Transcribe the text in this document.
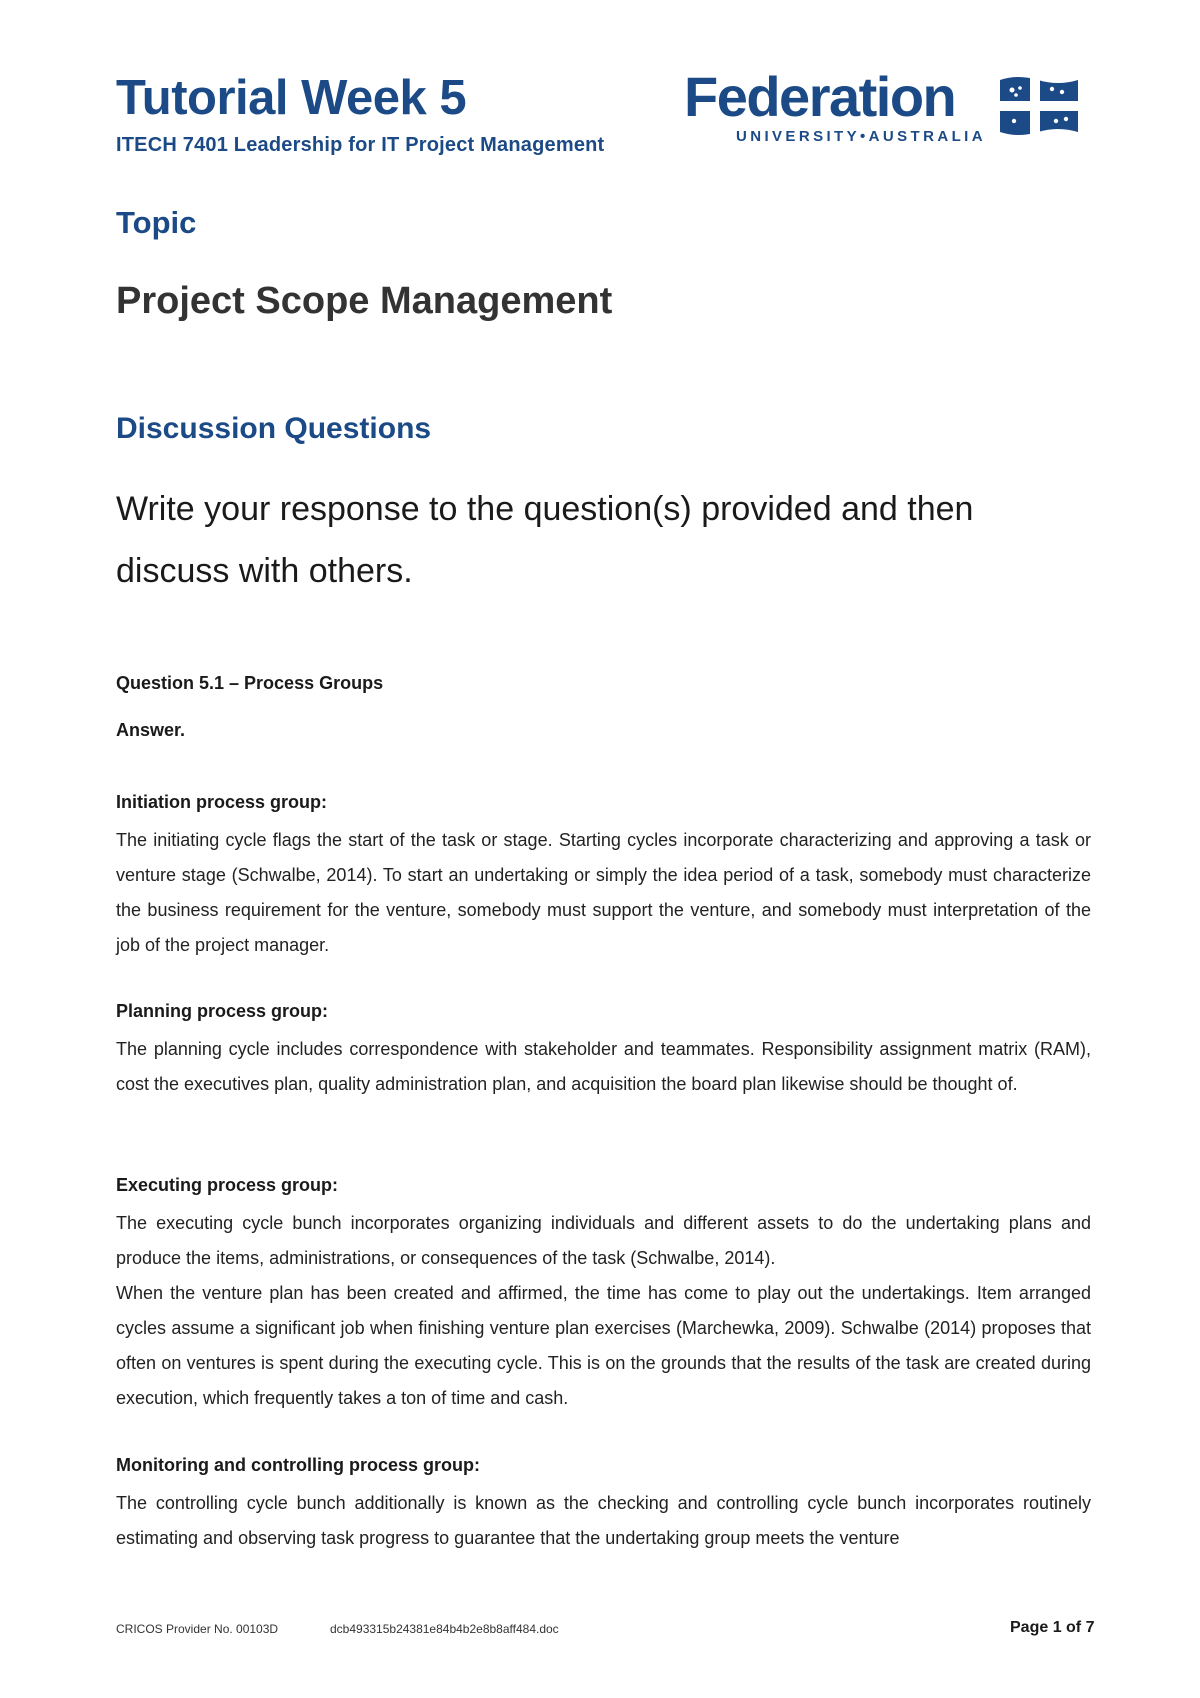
Tutorial Week 5
ITECH 7401 Leadership for IT Project Management
Federation
UNIVERSITY•AUSTRALIA
Topic
Project Scope Management
Discussion Questions

Write your response to the question(s) provided and then discuss with others.

Question 5.1 – Process Groups

Answer.

Initiation process group:

The initiating cycle flags the start of the task or stage. Starting cycles incorporate characterizing and approving a task or venture stage (Schwalbe, 2014). To start an undertaking or simply the idea period of a task, somebody must characterize the business requirement for the venture, somebody must support the venture, and somebody must interpretation of the job of the project manager.

Planning process group:

The planning cycle includes correspondence with stakeholder and teammates. Responsibility assignment matrix (RAM), cost the executives plan, quality administration plan, and acquisition the board plan likewise should be thought of.

Executing process group:

The executing cycle bunch incorporates organizing individuals and different assets to do the undertaking plans and produce the items, administrations, or consequences of the task (Schwalbe, 2014).

When the venture plan has been created and affirmed, the time has come to play out the undertakings. Item arranged cycles assume a significant job when finishing venture plan exercises (Marchewka, 2009). Schwalbe (2014) proposes that often on ventures is spent during the executing cycle. This is on the grounds that the results of the task are created during execution, which frequently takes a ton of time and cash.

Monitoring and controlling process group:

The controlling cycle bunch additionally is known as the checking and controlling cycle bunch incorporates routinely estimating and observing task progress to guarantee that the undertaking group meets the venture

CRICOS Provider No. 00103D	dcb493315b24381e84b4b2e8b8aff484.doc	Page 1 of 7
